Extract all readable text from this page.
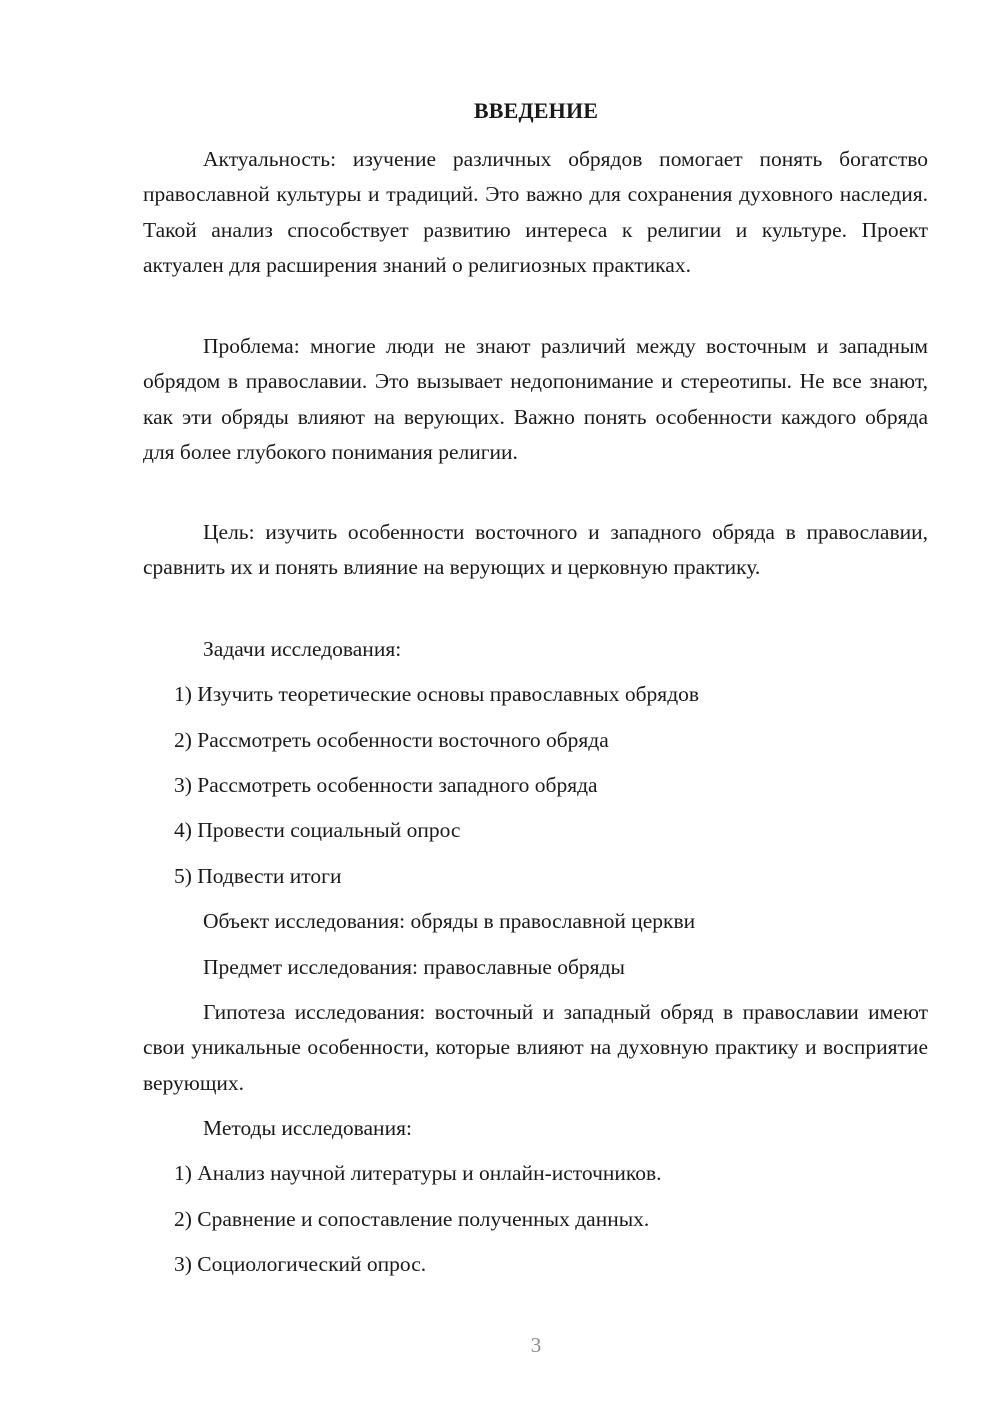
ВВЕДЕНИЕ

Актуальность: изучение различных обрядов помогает понять богатство православной культуры и традиций. Это важно для сохранения духовного наследия. Такой анализ способствует развитию интереса к религии и культуре. Проект актуален для расширения знаний о религиозных практиках.

Проблема: многие люди не знают различий между восточным и западным обрядом в православии. Это вызывает недопонимание и стереотипы. Не все знают, как эти обряды влияют на верующих. Важно понять особенности каждого обряда для более глубокого понимания религии.

Цель: изучить особенности восточного и западного обряда в православии, сравнить их и понять влияние на верующих и церковную практику.

Задачи исследования:

1) Изучить теоретические основы православных обрядов

2) Рассмотреть особенности восточного обряда

3) Рассмотреть особенности западного обряда

4) Провести социальный опрос

5) Подвести итоги

Объект исследования: обряды в православной церкви

Предмет исследования: православные обряды

Гипотеза исследования: восточный и западный обряд в православии имеют свои уникальные особенности, которые влияют на духовную практику и восприятие верующих.

Методы исследования:

1) Анализ научной литературы и онлайн-источников.

2) Сравнение и сопоставление полученных данных.

3) Социологический опрос.

3
